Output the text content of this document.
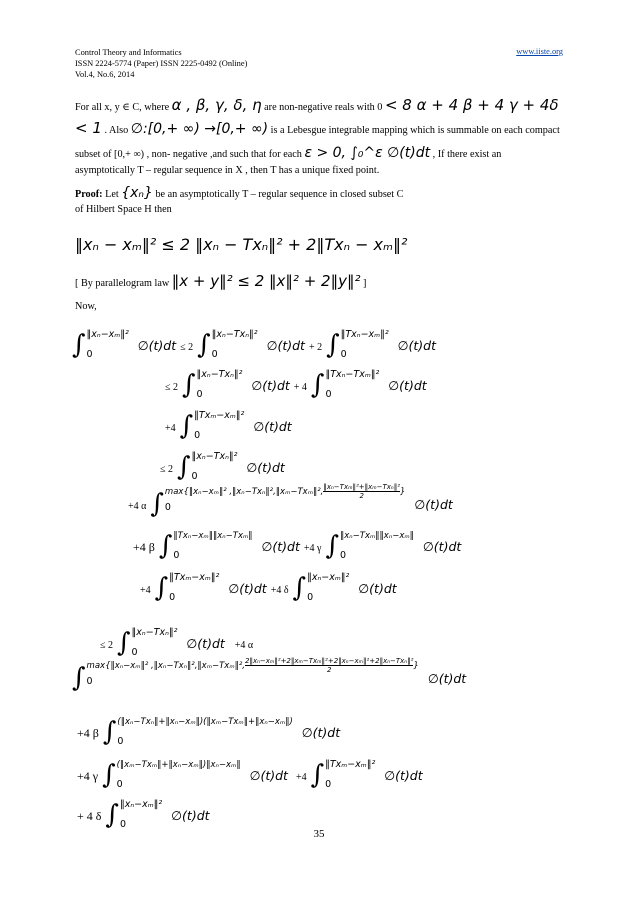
Control Theory and Informatics
ISSN 2224-5774 (Paper) ISSN 2225-0492 (Online)
Vol.4, No.6, 2014
www.iiste.org
For all x, y ∈ C, where α , β, γ, δ, η are non-negative reals with 0 < 8 α + 4 β + 4 γ + 4δ
< 1 . Also ∅:[0,+ ∞) →[0,+ ∞) is a Lebesgue integrable mapping which is summable on each compact
subset of [0,+ ∞) , non- negative ,and such that for each ε > 0, ∫₀^ε ∅(t)dt , If there exist an
asymptotically T – regular sequence in X , then T has a unique fixed point.
Proof: Let {xₙ} be an asymptotically T – regular sequence in closed subset C
of Hilbert Space H then
‖xₙ − xₘ‖² ≤ 2 ‖xₙ − Txₙ‖² + 2‖Txₙ − xₘ‖²
[ By parallelogram law ‖x + y‖² ≤ 2 ‖x‖² + 2‖y‖² ]
Now,
∫ ‖xₙ−xₘ‖²
0
∅(t)dt ≤ 2 ∫ ‖xₙ−Txₙ‖²
0
∅(t)dt + 2 ∫ ‖Txₙ−xₘ‖²
0
∅(t)dt
≤ 2 ∫ ‖xₙ−Txₙ‖²
0
∅(t)dt + 4 ∫ ‖Txₙ−Txₘ‖²
0
∅(t)dt
+4 ∫ ‖Txₘ−xₘ‖²
0
∅(t)dt
≤ 2 ∫ ‖xₙ−Txₙ‖²
0
∅(t)dt
+4 α ∫ max{‖xₙ−xₘ‖² ,‖xₙ−Txₙ‖²,‖xₘ−Txₘ‖², ‖xₙ−Txₘ‖²+‖xₘ−Txₙ‖²
2	}
0	∅(t)dt
+4 β ∫ ‖Txₙ−xₘ‖‖xₙ−Txₘ‖
0
∅(t)dt +4 γ ∫ ‖xₙ−Txₘ‖‖xₙ−xₘ‖
0
∅(t)dt
+4 ∫ ‖Txₘ−xₘ‖²
0
∅(t)dt +4 δ ∫ ‖xₙ−xₘ‖²
0
∅(t)dt
≤ 2 ∫ ‖xₙ−Txₙ‖²
0
∅(t)dt +4 α
∫ max{‖xₙ−xₘ‖² ,‖xₙ−Txₙ‖²,‖xₘ−Txₘ‖², 2‖xₙ−xₘ‖²+2‖xₘ−Txₘ‖²+2‖xₙ−xₘ‖²+2‖xₙ−Txₙ‖²
2	}
0	∅(t)dt
+4 β ∫ (‖xₙ−Txₙ‖+‖xₙ−xₘ‖)(‖xₘ−Txₘ‖+‖xₙ−xₘ‖)
0
∅(t)dt
+4 γ ∫ (‖xₘ−Txₘ‖+‖xₙ−xₘ‖)‖xₙ−xₘ‖
0
∅(t)dt +4 ∫ ‖Txₘ−xₘ‖²
0
∅(t)dt
+ 4 δ ∫ ‖xₙ−xₘ‖²
0
∅(t)dt
35
